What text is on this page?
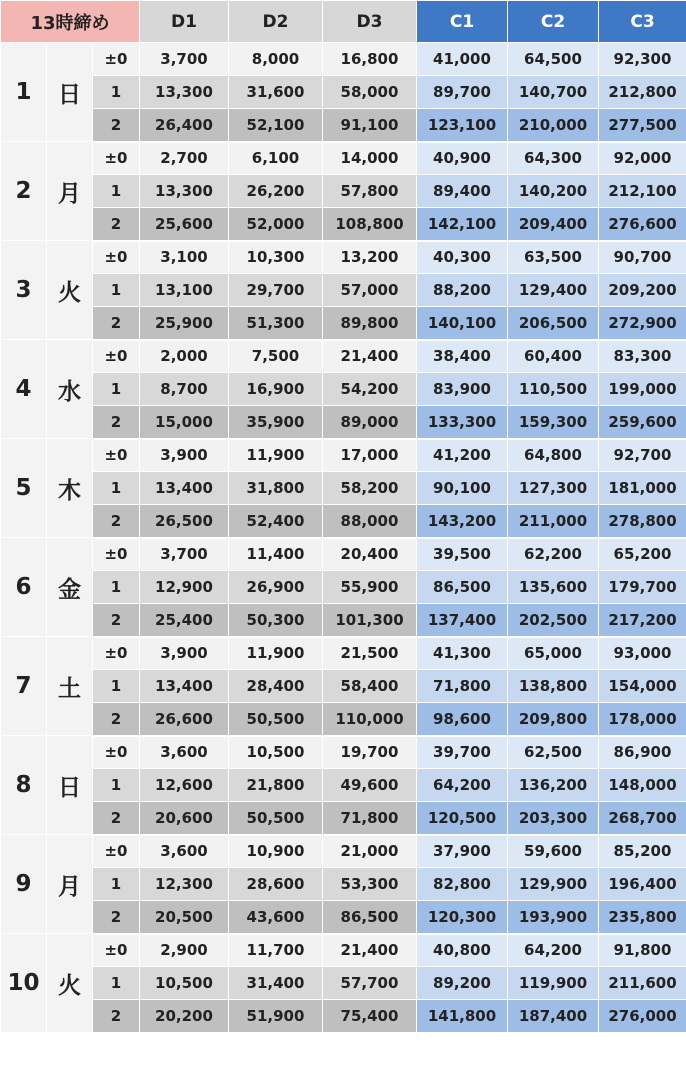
13時締め			D1	D2	D3	C1	C2	C3
1	日	±0	3,700	8,000	16,800	41,000	64,500	92,300
		1	13,300	31,600	58,000	89,700	140,700	212,800
		2	26,400	52,100	91,100	123,100	210,000	277,500
2	月	±0	2,700	6,100	14,000	40,900	64,300	92,000
		1	13,300	26,200	57,800	89,400	140,200	212,100
		2	25,600	52,000	108,800	142,100	209,400	276,600
3	火	±0	3,100	10,300	13,200	40,300	63,500	90,700
		1	13,100	29,700	57,000	88,200	129,400	209,200
		2	25,900	51,300	89,800	140,100	206,500	272,900
4	水	±0	2,000	7,500	21,400	38,400	60,400	83,300
		1	8,700	16,900	54,200	83,900	110,500	199,000
		2	15,000	35,900	89,000	133,300	159,300	259,600
5	木	±0	3,900	11,900	17,000	41,200	64,800	92,700
		1	13,400	31,800	58,200	90,100	127,300	181,000
		2	26,500	52,400	88,000	143,200	211,000	278,800
6	金	±0	3,700	11,400	20,400	39,500	62,200	65,200
		1	12,900	26,900	55,900	86,500	135,600	179,700
		2	25,400	50,300	101,300	137,400	202,500	217,200
7	土	±0	3,900	11,900	21,500	41,300	65,000	93,000
		1	13,400	28,400	58,400	71,800	138,800	154,000
		2	26,600	50,500	110,000	98,600	209,800	178,000
8	日	±0	3,600	10,500	19,700	39,700	62,500	86,900
		1	12,600	21,800	49,600	64,200	136,200	148,000
		2	20,600	50,500	71,800	120,500	203,300	268,700
9	月	±0	3,600	10,900	21,000	37,900	59,600	85,200
		1	12,300	28,600	53,300	82,800	129,900	196,400
		2	20,500	43,600	86,500	120,300	193,900	235,800
10	火	±0	2,900	11,700	21,400	40,800	64,200	91,800
		1	10,500	31,400	57,700	89,200	119,900	211,600
		2	20,200	51,900	75,400	141,800	187,400	276,000
